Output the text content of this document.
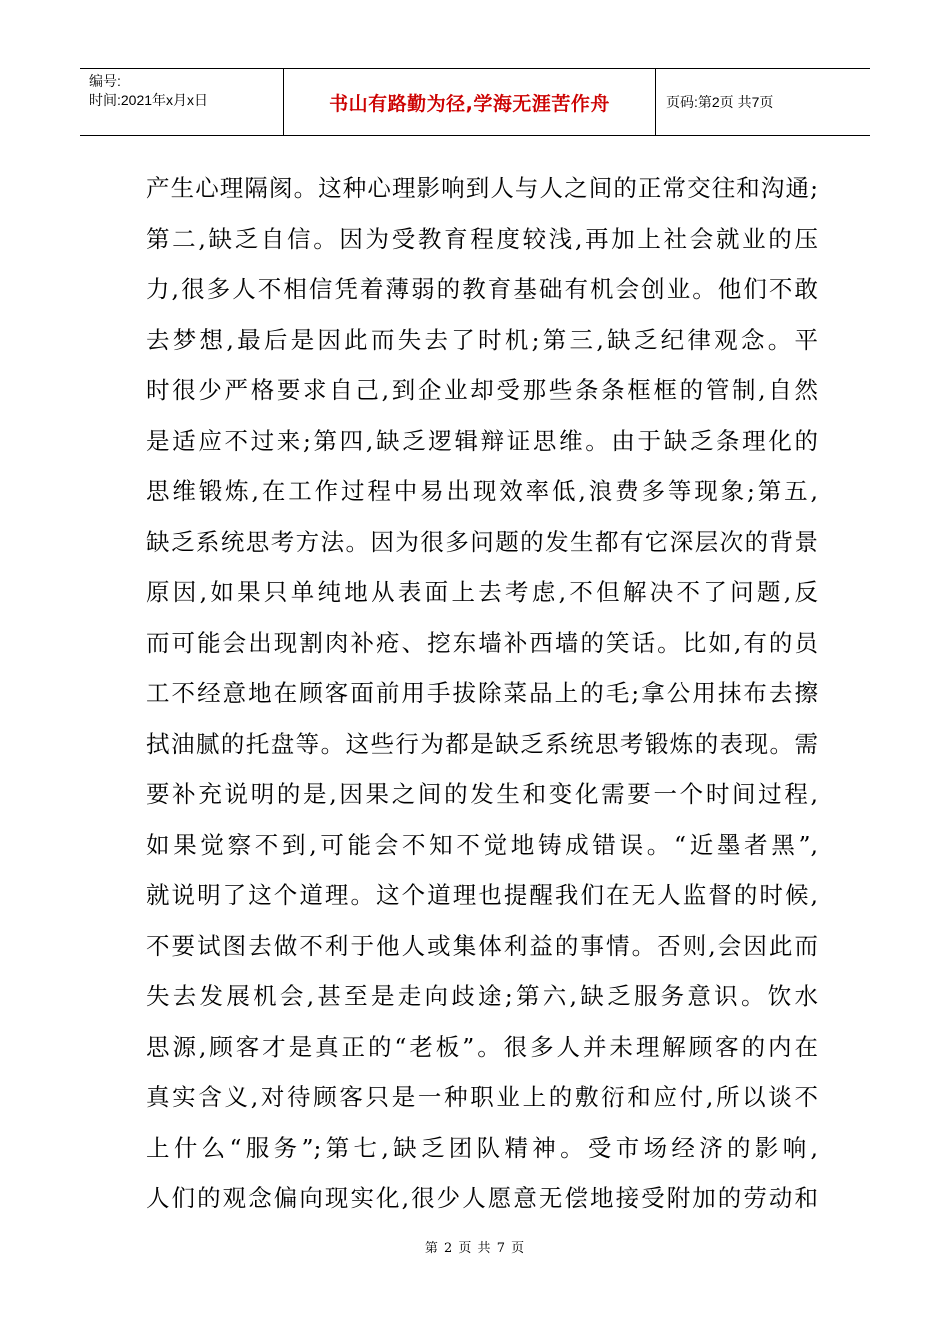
编号:
时间:2021年x月x日	书山有路勤为径,学海无涯苦作舟	页码:第2页 共7页
产生心理隔阂。这种心理影响到人与人之间的正常交往和沟通;
第二,缺乏自信。因为受教育程度较浅,再加上社会就业的压
力,很多人不相信凭着薄弱的教育基础有机会创业。他们不敢
去梦想,最后是因此而失去了时机;第三,缺乏纪律观念。平
时很少严格要求自己,到企业却受那些条条框框的管制,自然
是适应不过来;第四,缺乏逻辑辩证思维。由于缺乏条理化的
思维锻炼,在工作过程中易出现效率低,浪费多等现象;第五,
缺乏系统思考方法。因为很多问题的发生都有它深层次的背景
原因,如果只单纯地从表面上去考虑,不但解决不了问题,反
而可能会出现割肉补疮、挖东墙补西墙的笑话。比如,有的员
工不经意地在顾客面前用手拔除菜品上的毛;拿公用抹布去擦
拭油腻的托盘等。这些行为都是缺乏系统思考锻炼的表现。需
要补充说明的是,因果之间的发生和变化需要一个时间过程,
如果觉察不到,可能会不知不觉地铸成错误。“近墨者黑”,
就说明了这个道理。这个道理也提醒我们在无人监督的时候,
不要试图去做不利于他人或集体利益的事情。否则,会因此而
失去发展机会,甚至是走向歧途;第六,缺乏服务意识。饮水
思源,顾客才是真正的“老板”。很多人并未理解顾客的内在
真实含义,对待顾客只是一种职业上的敷衍和应付,所以谈不
上什么“服务”;第七,缺乏团队精神。受市场经济的影响,
人们的观念偏向现实化,很少人愿意无偿地接受附加的劳动和
第 2 页 共 7 页
